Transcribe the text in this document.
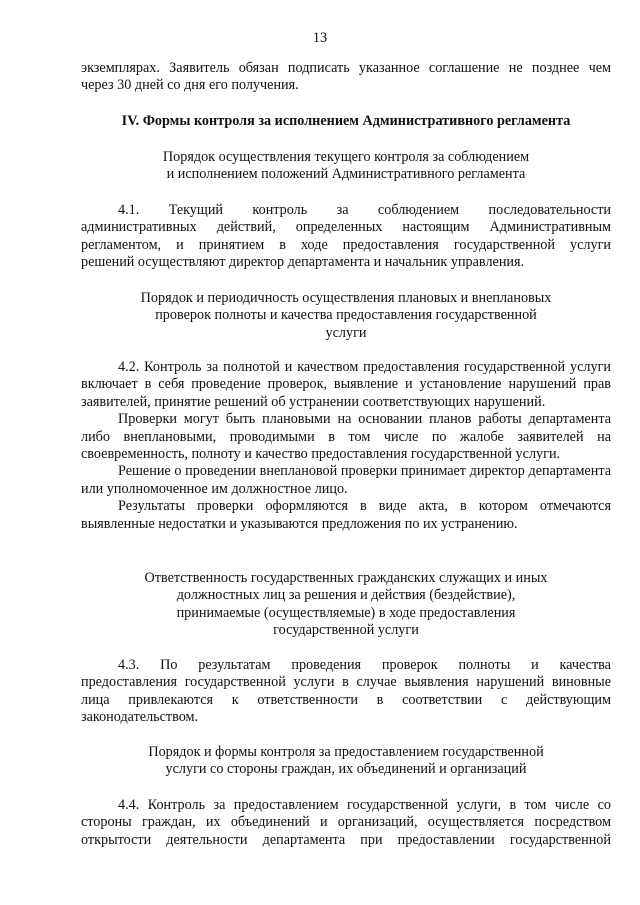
13

экземплярах. Заявитель обязан подписать указанное соглашение не позднее чем

через 30 дней со дня его получения.

IV. Формы контроля за исполнением Административного регламента

Порядок осуществления текущего контроля за соблюдением

и исполнением положений Административного регламента

4.1. Текущий контроль за соблюдением последовательности

административных действий, определенных настоящим Административным

регламентом, и принятием в ходе предоставления государственной услуги

решений осуществляют директор департамента и начальник управления.

Порядок и периодичность осуществления плановых и внеплановых

проверок полноты и качества предоставления государственной

услуги

4.2. Контроль за полнотой и качеством предоставления государственной услуги включает в себя проведение проверок, выявление и установление нарушений прав заявителей, принятие решений об устранении соответствующих нарушений.

Проверки могут быть плановыми на основании планов работы департамента либо внеплановыми, проводимыми в том числе по жалобе заявителей на своевременность, полноту и качество предоставления государственной услуги.

Решение о проведении внеплановой проверки принимает директор департамента или уполномоченное им должностное лицо.

Результаты проверки оформляются в виде акта, в котором отмечаются выявленные недостатки и указываются предложения по их устранению.

Ответственность государственных гражданских служащих и иных

должностных лиц за решения и действия (бездействие),

принимаемые (осуществляемые) в ходе предоставления

государственной услуги

4.3. По результатам проведения проверок полноты и качества

предоставления государственной услуги в случае выявления нарушений виновные

лица привлекаются к ответственности в соответствии с действующим

законодательством.

Порядок и формы контроля за предоставлением государственной

услуги со стороны граждан, их объединений и организаций

4.4. Контроль за предоставлением государственной услуги, в том числе со

стороны граждан, их объединений и организаций, осуществляется посредством

открытости деятельности департамента при предоставлении государственной
